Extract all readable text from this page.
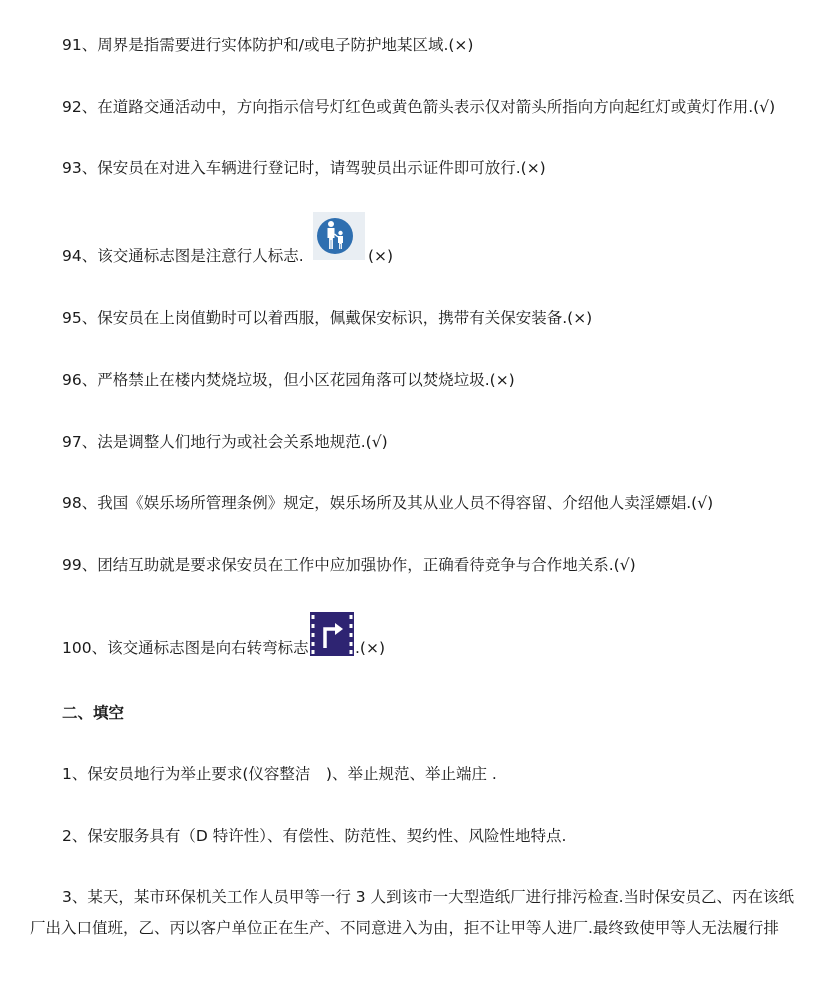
91、周界是指需要进行实体防护和/或电子防护地某区域.(×)
92、在道路交通活动中，方向指示信号灯红色或黄色箭头表示仅对箭头所指向方向起红灯或黄灯作用.(√)
93、保安员在对进入车辆进行登记时，请驾驶员出示证件即可放行.(×)
94、该交通标志图是注意行人标志.	(×)
95、保安员在上岗值勤时可以着西服，佩戴保安标识，携带有关保安装备.(×)
96、严格禁止在楼内焚烧垃圾，但小区花园角落可以焚烧垃圾.(×)
97、法是调整人们地行为或社会关系地规范.(√)
98、我国《娱乐场所管理条例》规定，娱乐场所及其从业人员不得容留、介绍他人卖淫嫖娼.(√)
99、团结互助就是要求保安员在工作中应加强协作，正确看待竞争与合作地关系.(√)
100、该交通标志图是向右转弯标志	.(×)
二、填空
1、保安员地行为举止要求(仪容整洁　)、举止规范、举止端庄 .
2、保安服务具有（D 特许性）、有偿性、防范性、契约性、风险性地特点.
3、某天，某市环保机关工作人员甲等一行 3 人到该市一大型造纸厂进行排污检查.当时保安员乙、丙在该纸
厂出入口值班，乙、丙以客户单位正在生产、不同意进入为由，拒不让甲等人进厂.最终致使甲等人无法履行排
